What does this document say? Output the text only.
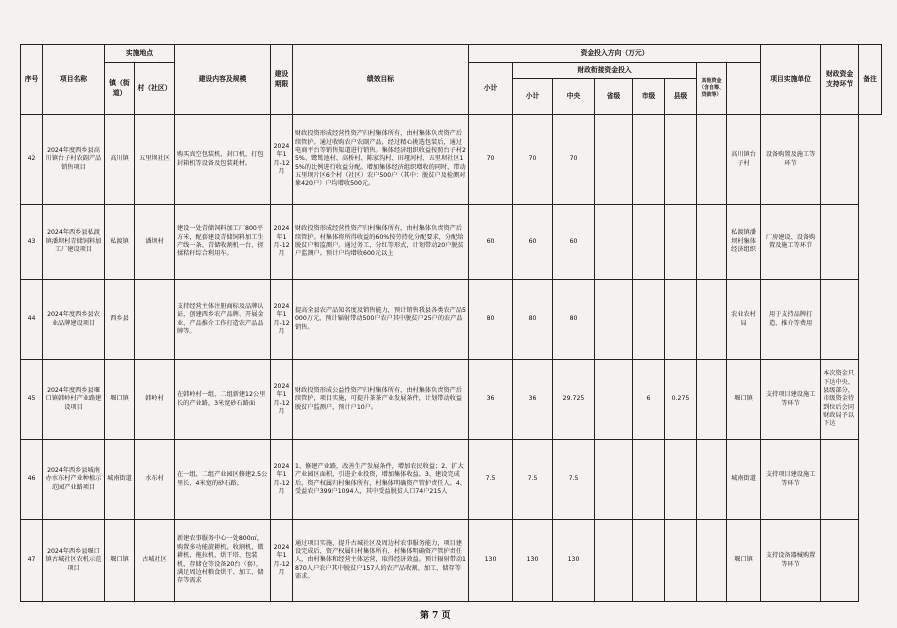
序号	项目名称	实施地点		建设内容及规模	建设期限	绩效目标	资金投入方向（万元）								项目实施单位	财政资金支持环节	备注
		镇（街道）	村（社区）				小计	财政衔接资金投入					其他资金（含自筹、贷款等）				
								小计	中央	省级	市级	县级					
42	2024年度西乡县高川镇台子村农副产品销售项目	高川镇	五里坝社区	购买真空包装机、封口机，打包封箱机等设备及包装耗材。	2024年1月-12月	财政投资形成经营性资产归村集体所有，由村集体负责资产后续管护。通过收购农户农副产品，经过精心挑选包装后，通过电商平台等销售渠道进行销售。集体经济组织收益按照台子村25%、鹭鸶池村、高桥村、陈家沟村、田垭河村、五里坝社区15%的比例进行收益分配。增加集体经济组织增收的同时，带动五里坝片区6个村（社区）农户500户（其中：脱贫户及检测对象420户）户均增收500元。	70	70	70					高川镇台子村	设备购置及施工等环节		
43	2024年西乡县私渡镇潘坝村青储饲料加工厂建设项目	私渡镇	潘坝村	建设一处青储饲料加工厂800平方米，配套建设青储饲料加工生产线一条、青储收割机一台、搓揉秸秆综合利用车。	2024年1月-12月	财政投资形成经营性资产归村集体所有，由村集体负责资产后续管护。村集体将所得收益的60%按劳持化分配要求，分配给脱贫户和监测户。通过务工、分红等形式，计划带动20户脱贫户监测户。预计户均增收600元以上	60	60	60					私渡镇潘坝村集体经济组织	厂房建设、设备购置及施工等环节		
44	2024年度西乡县农业品牌建设项目	西乡县		支持经营主体注册商标及品牌认证，创建西乡农产品牌、开展金业、产品推介工作打造农产品品牌等。	2024年1月-12月	提高全县农产品知名度及销售能力，预计销售我县各类农产品5000万元，预计辐射带动500户农户其中脱贫户25户的农产品销售。	80	80	80					农业农村局	用于支持品牌打造、推介等费用		
45	2024年度西乡县堰口镇韩岭村产业路建设项目	堰口镇	韩岭村	在韩岭村一组、二组新建12公里长的产业路，3米宽砂石路面	2024年1月-12月	财政投资形成公益性资产归村集体所有，由村集体负责资产后续管护，项目实施，可提升茶茶产业发展条件，计划带动收益脱贫户监测户，预计户10户。	36	36	29.725		6	0.275		堰口镇	支持项目建设施工等环节	本次资金只下达中央、县级部分，市级资金待到位后会同财政局予以下达	
46	2024年西乡县城南办水东村产业种植示范园产业路项目	城南街道	水东村	在一组、二组产业园区修建2.5公里长、4米宽的砂石路。	2024年1月-12月	1、修建产业路，改善生产发展条件，增加农民收益；2、扩大产业园区面积，引进企业投资，增加集体收益。3、建设完成后，资产权属归村集体所有，村集体明确资产管护责任人。4、受益农户399户1094人，其中受益脱贫人口74户215人	7.5	7.5	7.5					城南街道	支持项目建设施工等环节		
47	2024年西乡县堰口镇古城社区农机示范项目	堰口镇	古城社区	新建农事服务中心一处800㎡，购置多功能旋耕机、收割机、微耕机、拖拉机、烘干塔、包装机、存储仓等设备20台（套），满足周边村粮食烘干、加工、储存等需求	2024年1月-12月	通过项目实施，提升古城社区及周边村农事服务能力，项目建设完成后，资产权属归村集体所有，村集体明确资产管护责任人，由村集体和经营主体运营，取得经济效益。预计辐射带动1870人户农户其中脱贫户157人的农产品收割、加工、储存等需求。	130	130	130					堰口镇	支持设备器械购置等环节		
第 7 页
